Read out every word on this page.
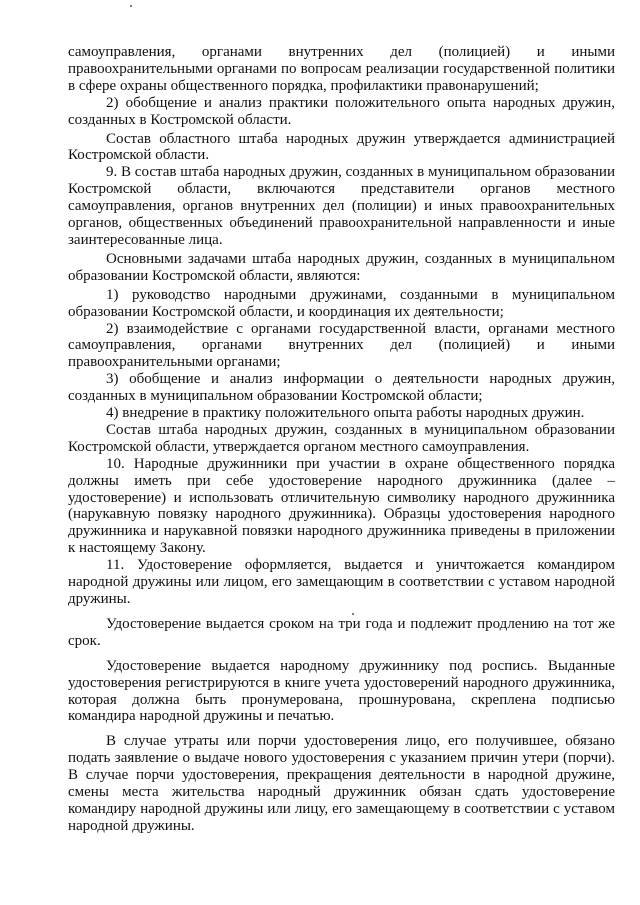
самоуправления, органами внутренних дел (полицией) и иными правоохранительными органами по вопросам реализации государственной политики в сфере охраны общественного порядка, профилактики правонарушений;

2) обобщение и анализ практики положительного опыта народных дружин, созданных в Костромской области.

Состав областного штаба народных дружин утверждается администрацией Костромской области.

9. В состав штаба народных дружин, созданных в муниципальном образовании Костромской области, включаются представители органов местного самоуправления, органов внутренних дел (полиции) и иных правоохранительных органов, общественных объединений правоохранительной направленности и иные заинтересованные лица.

Основными задачами штаба народных дружин, созданных в муниципальном образовании Костромской области, являются:

1) руководство народными дружинами, созданными в муниципальном образовании Костромской области, и координация их деятельности;

2) взаимодействие с органами государственной власти, органами местного самоуправления, органами внутренних дел (полицией) и иными правоохранительными органами;

3) обобщение и анализ информации о деятельности народных дружин, созданных в муниципальном образовании Костромской области;

4) внедрение в практику положительного опыта работы народных дружин.

Состав штаба народных дружин, созданных в муниципальном образовании Костромской области, утверждается органом местного самоуправления.

10. Народные дружинники при участии в охране общественного порядка должны иметь при себе удостоверение народного дружинника (далее – удостоверение) и использовать отличительную символику народного дружинника (нарукавную повязку народного дружинника). Образцы удостоверения народного дружинника и нарукавной повязки народного дружинника приведены в приложении к настоящему Закону.

11. Удостоверение оформляется, выдается и уничтожается командиром народной дружины или лицом, его замещающим в соответствии с уставом народной дружины.

Удостоверение выдается сроком на три года и подлежит продлению на тот же срок.

Удостоверение выдается народному дружиннику под роспись. Выданные удостоверения регистрируются в книге учета удостоверений народного дружинника, которая должна быть пронумерована, прошнурована, скреплена подписью командира народной дружины и печатью.

В случае утраты или порчи удостоверения лицо, его получившее, обязано подать заявление о выдаче нового удостоверения с указанием причин утери (порчи). В случае порчи удостоверения, прекращения деятельности в народной дружине, смены места жительства народный дружинник обязан сдать удостоверение командиру народной дружины или лицу, его замещающему в соответствии с уставом народной дружины.
